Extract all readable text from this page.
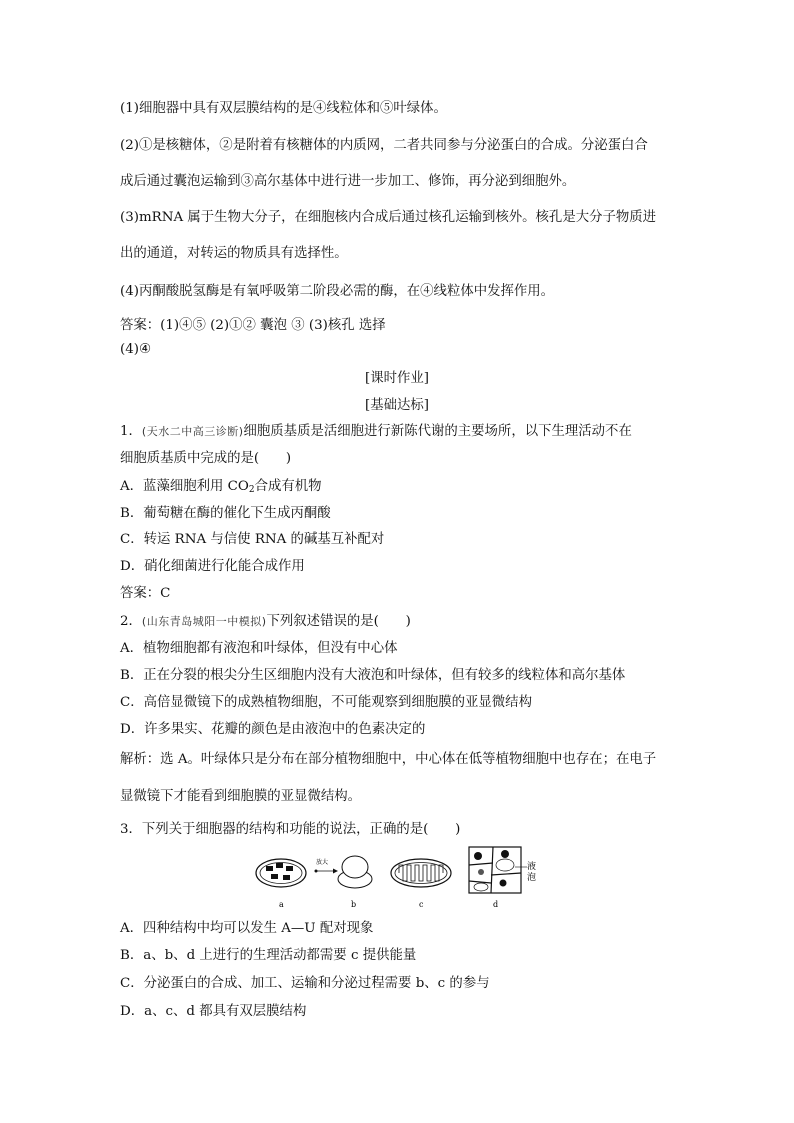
(1)细胞器中具有双层膜结构的是④线粒体和⑤叶绿体。
(2)①是核糖体，②是附着有核糖体的内质网，二者共同参与分泌蛋白的合成。分泌蛋白合
成后通过囊泡运输到③高尔基体中进行进一步加工、修饰，再分泌到细胞外。
(3)mRNA 属于生物大分子，在细胞核内合成后通过核孔运输到核外。核孔是大分子物质进
出的通道，对转运的物质具有选择性。
(4)丙酮酸脱氢酶是有氧呼吸第二阶段必需的酶，在④线粒体中发挥作用。
答案：(1)④⑤ (2)①② 囊泡 ③ (3)核孔 选择
(4)④
[课时作业]
[基础达标]
1．(天水二中高三诊断)细胞质基质是活细胞进行新陈代谢的主要场所，以下生理活动不在
细胞质基质中完成的是(　　)
A．蓝藻细胞利用 $CO_2$合成有机物
B．葡萄糖在酶的催化下生成丙酮酸
C．转运 RNA 与信使 RNA 的碱基互补配对
D．硝化细菌进行化能合成作用
答案：C
2．(山东青岛城阳一中模拟)下列叙述错误的是(　　)
A．植物细胞都有液泡和叶绿体，但没有中心体
B．正在分裂的根尖分生区细胞内没有大液泡和叶绿体，但有较多的线粒体和高尔基体
C．高倍显微镜下的成熟植物细胞，不可能观察到细胞膜的亚显微结构
D．许多果实、花瓣的颜色是由液泡中的色素决定的
解析：选 A。叶绿体只是分布在部分植物细胞中，中心体在低等植物细胞中也存在；在电子
显微镜下才能看到细胞膜的亚显微结构。
3．下列关于细胞器的结构和功能的说法，正确的是(　　)
a
放大
b	c
液
泡
d
A．四种结构中均可以发生 A—U 配对现象
B．a、b、d 上进行的生理活动都需要 c 提供能量
C．分泌蛋白的合成、加工、运输和分泌过程需要 b、c 的参与
D．a、c、d 都具有双层膜结构
